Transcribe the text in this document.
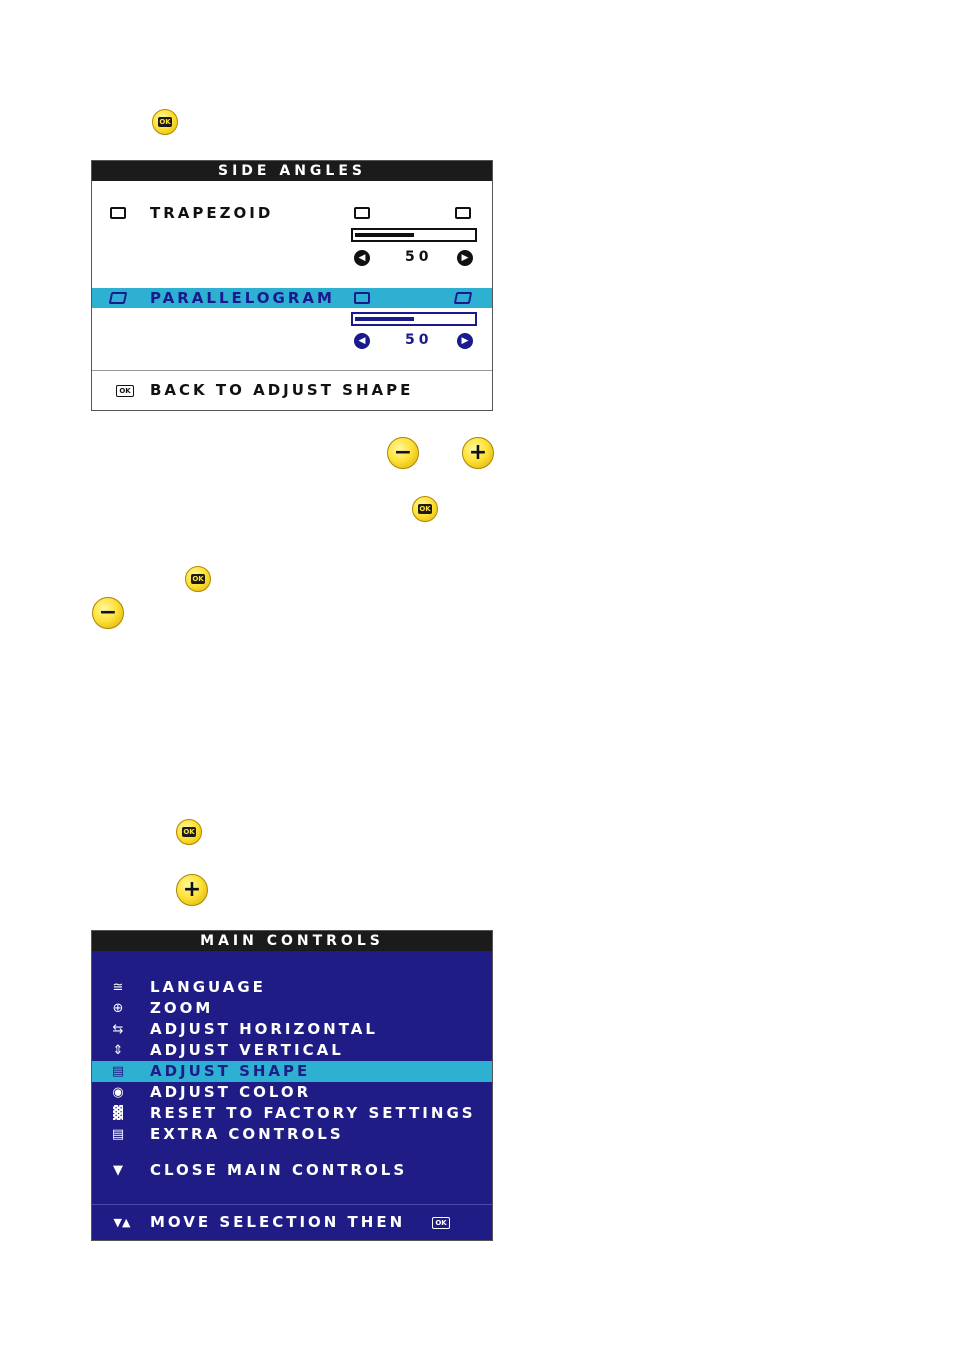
OK
SIDE ANGLES
TRAPEZOID
◀	50	▶
PARALLELOGRAM
◀	50	▶
OK BACK TO ADJUST SHAPE
−	+
OK
OK
−
OK
+
MAIN CONTROLS
≅	LANGUAGE
⊕	ZOOM
⇆	ADJUST HORIZONTAL
⇕	ADJUST VERTICAL
▤ ADJUST SHAPE
◉ ADJUST COLOR
▓	RESET TO FACTORY SETTINGS
▤ EXTRA CONTROLS
▼	CLOSE MAIN CONTROLS
▼▲	MOVE SELECTION THEN	OK
